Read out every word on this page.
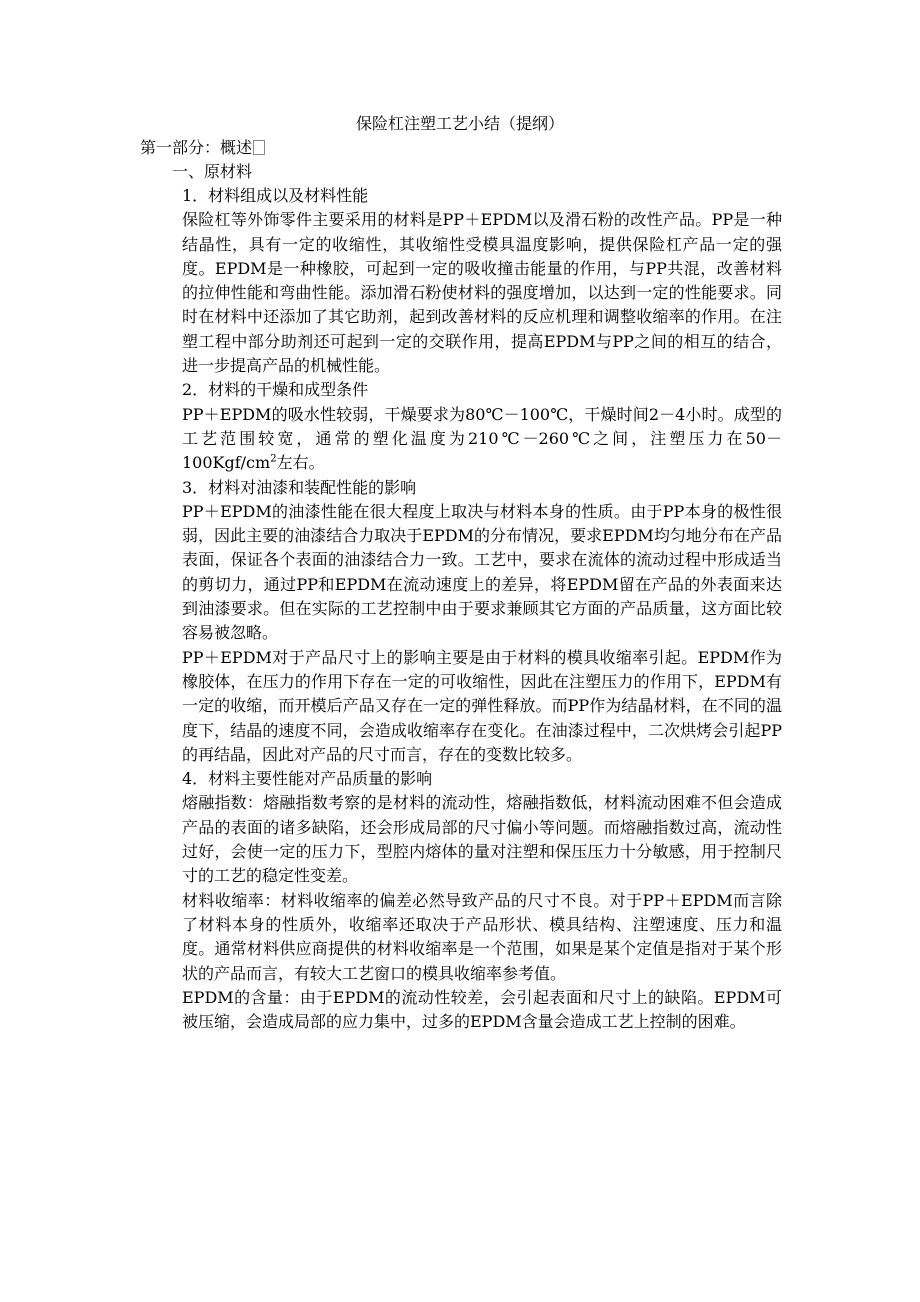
保险杠注塑工艺小结（提纲）
第一部分：概述
一、原材料
1．材料组成以及材料性能

保险杠等外饰零件主要采用的材料是PP＋EPDM以及滑石粉的改性产品。PP是一种结晶性，具有一定的收缩性，其收缩性受模具温度影响，提供保险杠产品一定的强度。EPDM是一种橡胶，可起到一定的吸收撞击能量的作用，与PP共混，改善材料的拉伸性能和弯曲性能。添加滑石粉使材料的强度增加，以达到一定的性能要求。同时在材料中还添加了其它助剂，起到改善材料的反应机理和调整收缩率的作用。在注塑工程中部分助剂还可起到一定的交联作用，提高EPDM与PP之间的相互的结合，进一步提高产品的机械性能。

2．材料的干燥和成型条件

PP＋EPDM的吸水性较弱，干燥要求为80℃－100℃，干燥时间2－4小时。成型的工艺范围较宽，通常的塑化温度为210℃－260℃之间，注塑压力在$50-100Kgf/cm^2$左右。

3．材料对油漆和装配性能的影响

PP＋EPDM的油漆性能在很大程度上取决与材料本身的性质。由于PP本身的极性很弱，因此主要的油漆结合力取决于EPDM的分布情况，要求EPDM均匀地分布在产品表面，保证各个表面的油漆结合力一致。工艺中，要求在流体的流动过程中形成适当的剪切力，通过PP和EPDM在流动速度上的差异，将EPDM留在产品的外表面来达到油漆要求。但在实际的工艺控制中由于要求兼顾其它方面的产品质量，这方面比较容易被忽略。

PP＋EPDM对于产品尺寸上的影响主要是由于材料的模具收缩率引起。EPDM作为橡胶体，在压力的作用下存在一定的可收缩性，因此在注塑压力的作用下，EPDM有一定的收缩，而开模后产品又存在一定的弹性释放。而PP作为结晶材料，在不同的温度下，结晶的速度不同，会造成收缩率存在变化。在油漆过程中，二次烘烤会引起PP的再结晶，因此对产品的尺寸而言，存在的变数比较多。

4．材料主要性能对产品质量的影响

熔融指数：熔融指数考察的是材料的流动性，熔融指数低，材料流动困难不但会造成产品的表面的诸多缺陷，还会形成局部的尺寸偏小等问题。而熔融指数过高，流动性过好，会使一定的压力下，型腔内熔体的量对注塑和保压压力十分敏感，用于控制尺寸的工艺的稳定性变差。

材料收缩率：材料收缩率的偏差必然导致产品的尺寸不良。对于PP＋EPDM而言除了材料本身的性质外，收缩率还取决于产品形状、模具结构、注塑速度、压力和温度。通常材料供应商提供的材料收缩率是一个范围，如果是某个定值是指对于某个形状的产品而言，有较大工艺窗口的模具收缩率参考值。

EPDM的含量：由于EPDM的流动性较差，会引起表面和尺寸上的缺陷。EPDM可被压缩，会造成局部的应力集中，过多的EPDM含量会造成工艺上控制的困难。
